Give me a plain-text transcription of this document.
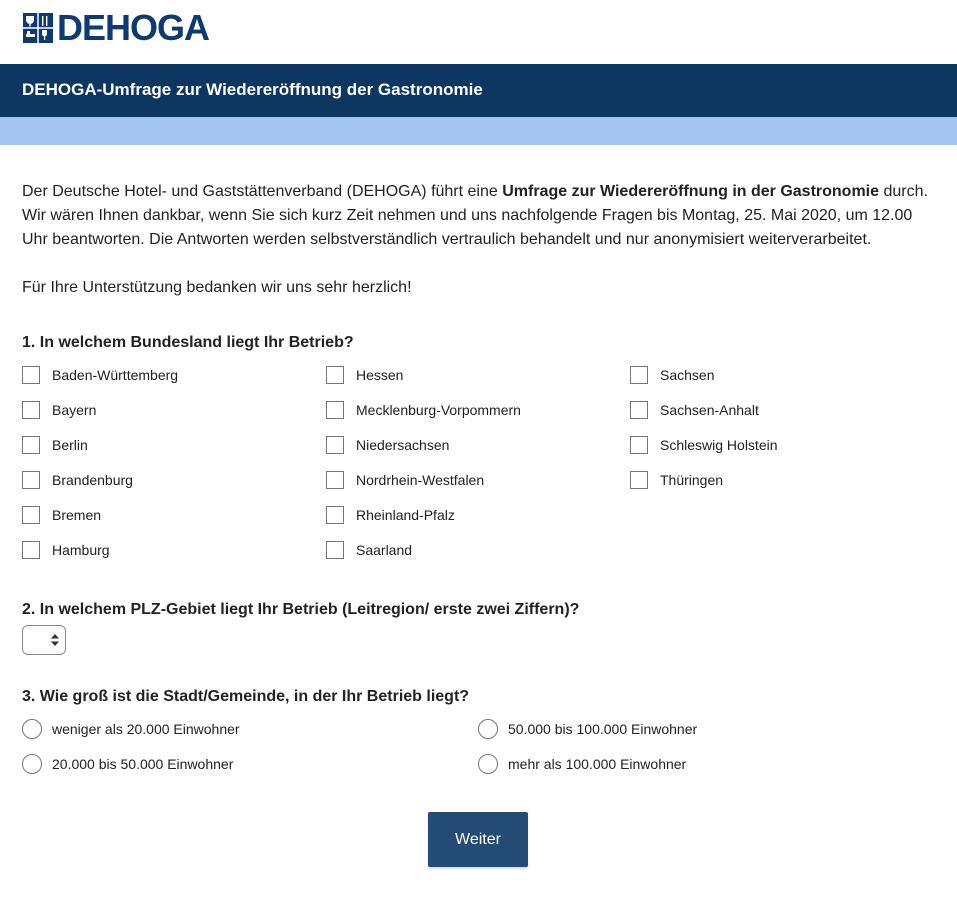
DEHOGA
DEHOGA-Umfrage zur Wiedereröffnung der Gastronomie

Der Deutsche Hotel- und Gaststättenverband (DEHOGA) führt eine Umfrage zur Wiedereröffnung in der Gastronomie durch. Wir wären Ihnen dankbar, wenn Sie sich kurz Zeit nehmen und uns nachfolgende Fragen bis Montag, 25. Mai 2020, um 12.00 Uhr beantworten. Die Antworten werden selbstverständlich vertraulich behandelt und nur anonymisiert weiterverarbeitet.

Für Ihre Unterstützung bedanken wir uns sehr herzlich!

1. In welchem Bundesland liegt Ihr Betrieb?
Baden-Württemberg
Bayern
Berlin
Brandenburg
Bremen
Hamburg
Hessen
Mecklenburg-Vorpommern
Niedersachsen
Nordrhein-Westfalen
Rheinland-Pfalz
Saarland
Sachsen
Sachsen-Anhalt
Schleswig Holstein
Thüringen
2. In welchem PLZ-Gebiet liegt Ihr Betrieb (Leitregion/ erste zwei Ziffern)?
3. Wie groß ist die Stadt/Gemeinde, in der Ihr Betrieb liegt?
weniger als 20.000 Einwohner
20.000 bis 50.000 Einwohner
50.000 bis 100.000 Einwohner
mehr als 100.000 Einwohner
Weiter
